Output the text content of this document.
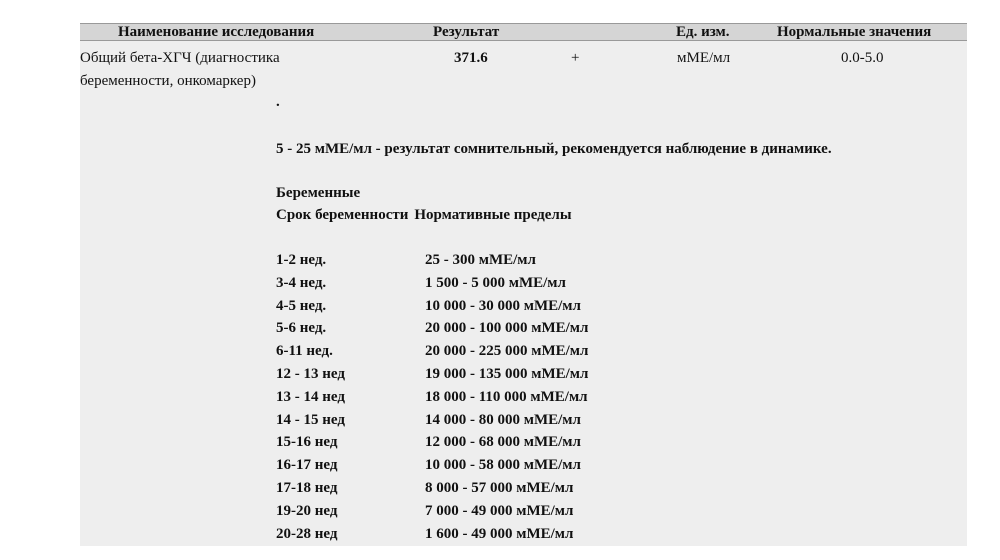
Наименование исследования	Результат	Ед. изм.	Нормальные значения
Общий бета-ХГЧ (диагностика беременности, онкомаркер)
371.6	+	мМЕ/мл	0.0-5.0
.
5 - 25 мМЕ/мл - результат сомнительный, рекомендуется наблюдение в динамике.
Беременные
Срок беременности Нормативные пределы
1-2 нед.	25 - 300 мМЕ/мл
3-4 нед.	1 500 - 5 000 мМЕ/мл
4-5 нед.	10 000 - 30 000 мМЕ/мл
5-6 нед.	20 000 - 100 000 мМЕ/мл
6-11 нед.	20 000 - 225 000 мМЕ/мл
12 - 13 нед	19 000 - 135 000 мМЕ/мл
13 - 14 нед	18 000 - 110 000 мМЕ/мл
14 - 15 нед	14 000 - 80 000 мМЕ/мл
15-16 нед	12 000 - 68 000 мМЕ/мл
16-17 нед	10 000 - 58 000 мМЕ/мл
17-18 нед	8 000 - 57 000 мМЕ/мл
19-20 нед	7 000 - 49 000 мМЕ/мл
20-28 нед	1 600 - 49 000 мМЕ/мл
